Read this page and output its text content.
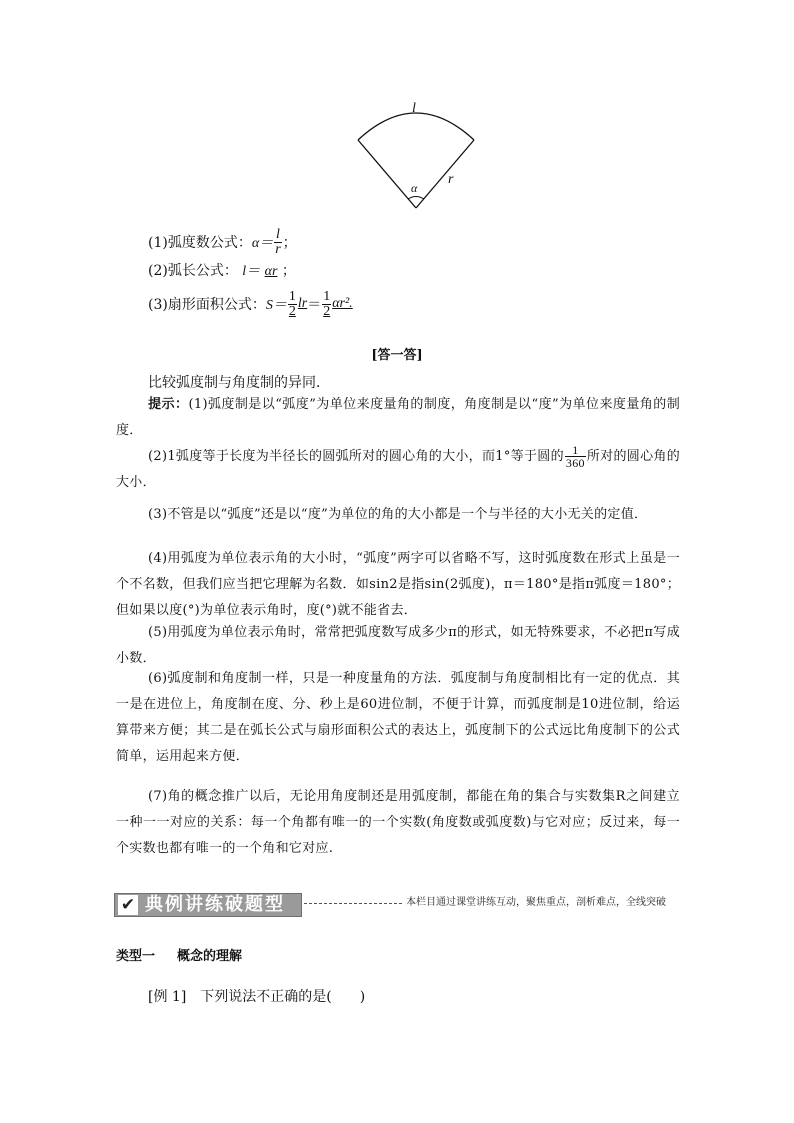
l
r
α
(1)弧度数公式： $\alpha= \frac{l}{r}$ ；
(2)弧长公式： l＝ αr ；
(3)扇形面积公式： $S= \frac{1}{2}$ lr ＝ $\frac{1}{2} \alpha r^2$.
[答一答]
比较弧度制与角度制的异同．
提示：(1)弧度制是以“弧度”为单位来度量角的制度，角度制是以“度”为单位来度量角的制度．
(2)1弧度等于长度为半径长的圆弧所对的圆心角的大小，而1°等于圆的 $\frac{1}{360}$ 所对的圆心角的大小．
(3)不管是以“弧度”还是以“度”为单位的角的大小都是一个与半径的大小无关的定值．
(4)用弧度为单位表示角的大小时，“弧度”两字可以省略不写，这时弧度数在形式上虽是一个不名数，但我们应当把它理解为名数．如sin2是指sin(2弧度)，π＝180°是指π弧度＝180°；但如果以度(°)为单位表示角时，度(°)就不能省去．
(5)用弧度为单位表示角时，常常把弧度数写成多少π的形式，如无特殊要求，不必把π写成小数．
(6)弧度制和角度制一样，只是一种度量角的方法．弧度制与角度制相比有一定的优点．其一是在进位上，角度制在度、分、秒上是60进位制，不便于计算，而弧度制是10进位制，给运算带来方便；其二是在弧长公式与扇形面积公式的表达上，弧度制下的公式远比角度制下的公式简单，运用起来方便．
(7)角的概念推广以后，无论用角度制还是用弧度制，都能在角的集合与实数集R之间建立一种一一对应的关系：每一个角都有唯一的一个实数(角度数或弧度数)与它对应；反过来，每一个实数也都有唯一的一个角和它对应.
✔ 典例讲练破题型	本栏目通过课堂讲练互动，聚焦重点，剖析难点，全线突破
类型一 概念的理解
[例 1]　下列说法不正确的是(　　)
